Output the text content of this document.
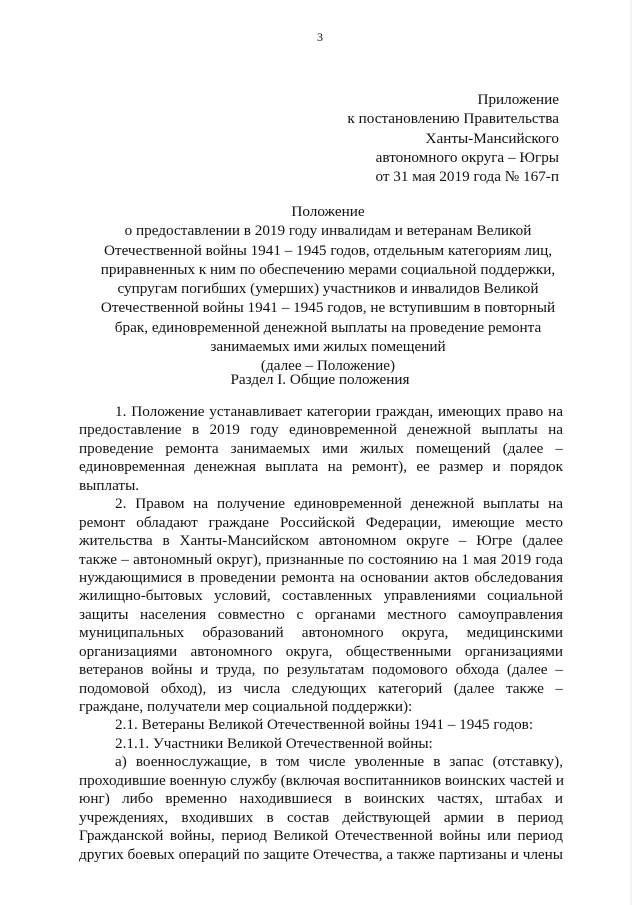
3
Приложение
к постановлению Правительства
Ханты-Мансийского
автономного округа – Югры
от 31 мая 2019 года № 167-п
Положение
о предоставлении в 2019 году инвалидам и ветеранам Великой
Отечественной войны 1941 – 1945 годов, отдельным категориям лиц,
приравненных к ним по обеспечению мерами социальной поддержки,
супругам погибших (умерших) участников и инвалидов Великой
Отечественной войны 1941 – 1945 годов, не вступившим в повторный
брак, единовременной денежной выплаты на проведение ремонта
занимаемых ими жилых помещений
(далее – Положение)
Раздел I. Общие положения
1. Положение устанавливает категории граждан, имеющих право на
предоставление в 2019 году единовременной денежной выплаты на
проведение ремонта занимаемых ими жилых помещений (далее –
единовременная денежная выплата на ремонт), ее размер и порядок
выплаты.
2. Правом на получение единовременной денежной выплаты на
ремонт обладают граждане Российской Федерации, имеющие место
жительства в Ханты-Мансийском автономном округе – Югре (далее
также – автономный округ), признанные по состоянию на 1 мая 2019 года
нуждающимися в проведении ремонта на основании актов обследования
жилищно-бытовых условий, составленных управлениями социальной
защиты населения совместно с органами местного самоуправления
муниципальных образований автономного округа, медицинскими
организациями автономного округа, общественными организациями
ветеранов войны и труда, по результатам подомового обхода (далее –
подомовой обход), из числа следующих категорий (далее также –
граждане, получатели мер социальной поддержки):
2.1. Ветераны Великой Отечественной войны 1941 – 1945 годов:
2.1.1. Участники Великой Отечественной войны:
а) военнослужащие, в том числе уволенные в запас (отставку),
проходившие военную службу (включая воспитанников воинских частей и
юнг) либо временно находившиеся в воинских частях, штабах и
учреждениях, входивших в состав действующей армии в период
Гражданской войны, период Великой Отечественной войны или период
других боевых операций по защите Отечества, а также партизаны и члены
